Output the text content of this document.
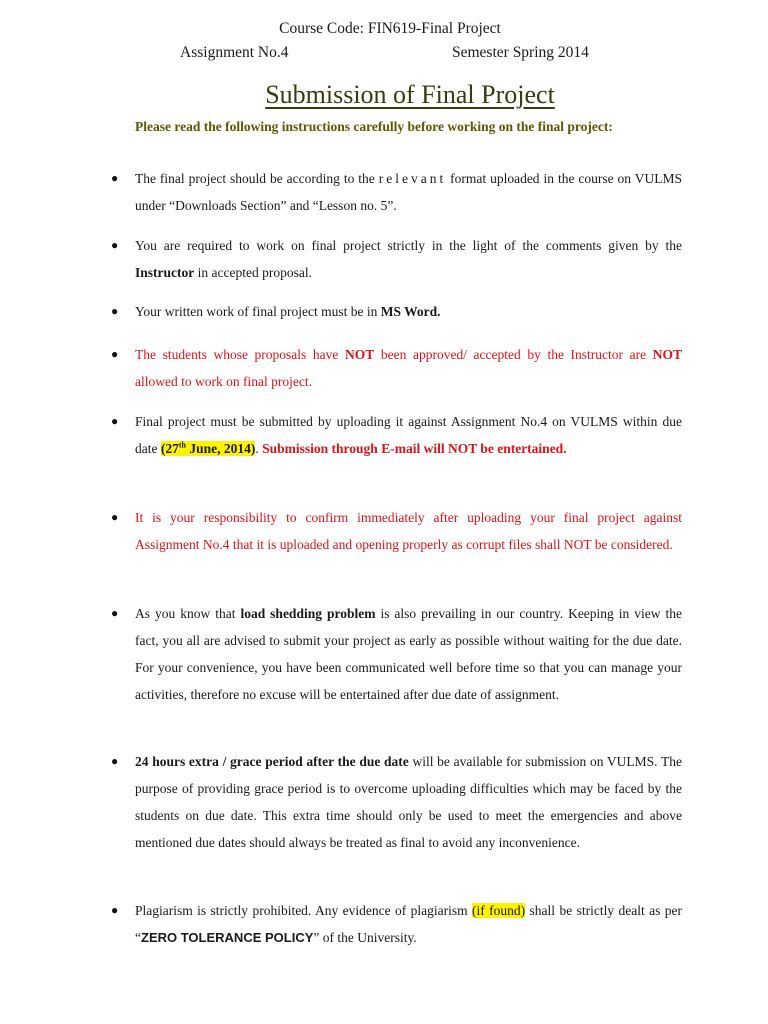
Course Code: FIN619-Final Project
Assignment No.4	Semester Spring 2014
Submission of Final Project
Please read the following instructions carefully before working on the final project:
● The final project should be according to the relevant format uploaded in the course on VULMS under “Downloads Section” and “Lesson no. 5”.
● You are required to work on final project strictly in the light of the comments given by the Instructor in accepted proposal.
● Your written work of final project must be in MS Word.
● The students whose proposals have NOT been approved/ accepted by the Instructor are NOT allowed to work on final project.
● Final project must be submitted by uploading it against Assignment No.4 on VULMS within due date (27th June, 2014). Submission through E-mail will NOT be entertained.
● It is your responsibility to confirm immediately after uploading your final project against Assignment No.4 that it is uploaded and opening properly as corrupt files shall NOT be considered.
● As you know that load shedding problem is also prevailing in our country. Keeping in view the fact, you all are advised to submit your project as early as possible without waiting for the due date. For your convenience, you have been communicated well before time so that you can manage your activities, therefore no excuse will be entertained after due date of assignment.
● 24 hours extra / grace period after the due date will be available for submission on VULMS. The purpose of providing grace period is to overcome uploading difficulties which may be faced by the students on due date. This extra time should only be used to meet the emergencies and above mentioned due dates should always be treated as final to avoid any inconvenience.
● Plagiarism is strictly prohibited. Any evidence of plagiarism (if found) shall be strictly dealt as per “ZERO TOLERANCE POLICY” of the University.
